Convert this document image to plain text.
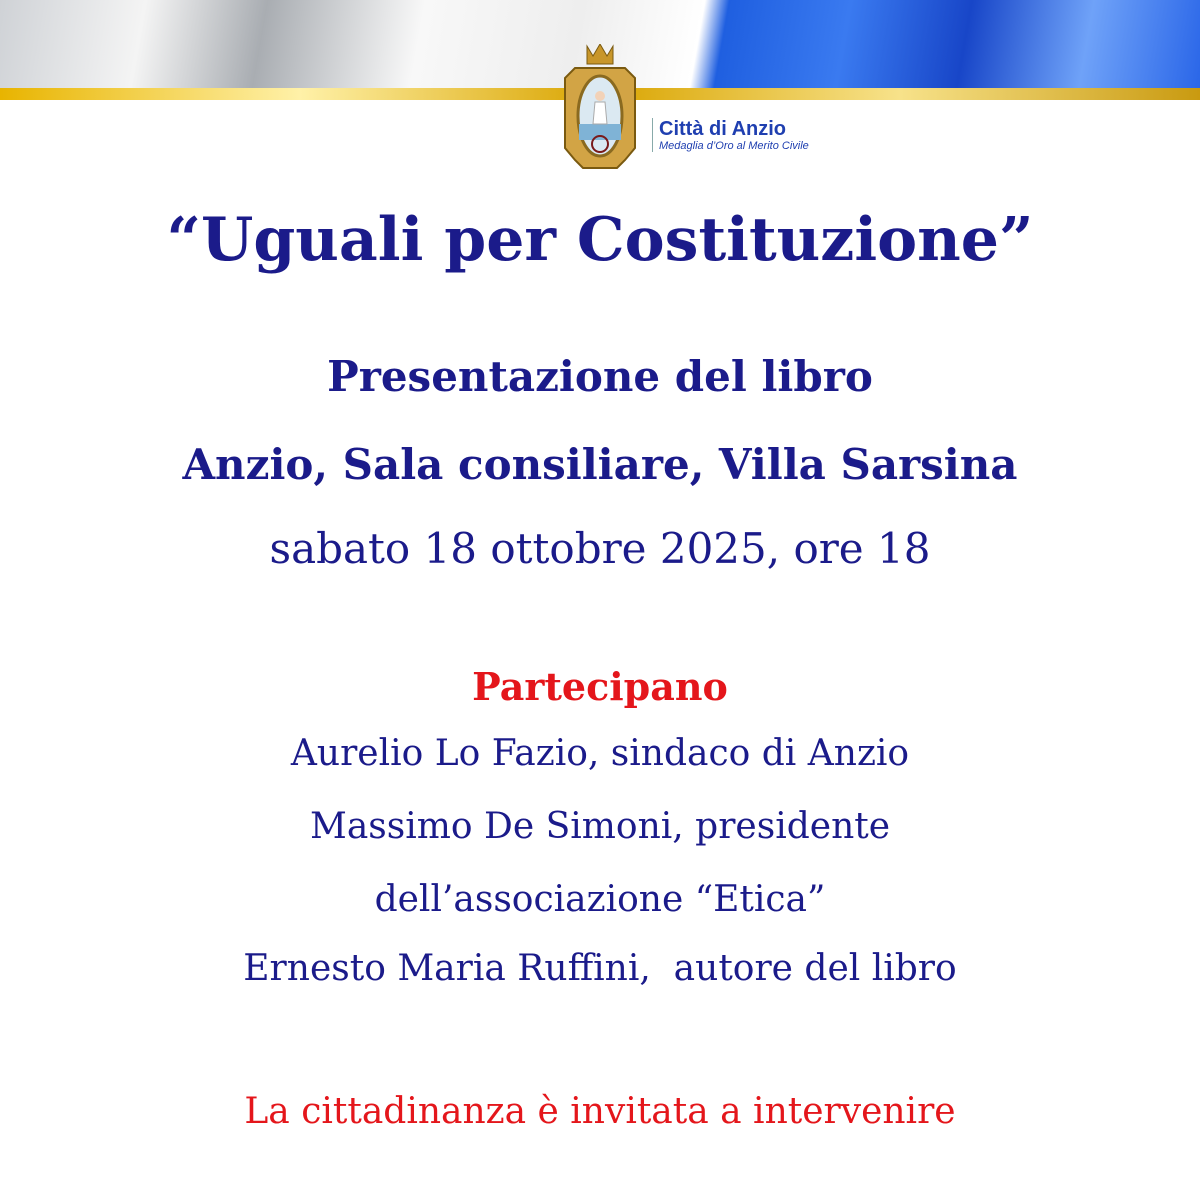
Città di Anzio
Medaglia d’Oro al Merito Civile
“Uguali per Costituzione”
Presentazione del libro
Anzio, Sala consiliare, Villa Sarsina
sabato 18 ottobre 2025, ore 18
Partecipano
Aurelio Lo Fazio, sindaco di Anzio
Massimo De Simoni, presidente
dell’associazione “Etica”
Ernesto Maria Ruffini,  autore del libro
La cittadinanza è invitata a intervenire
